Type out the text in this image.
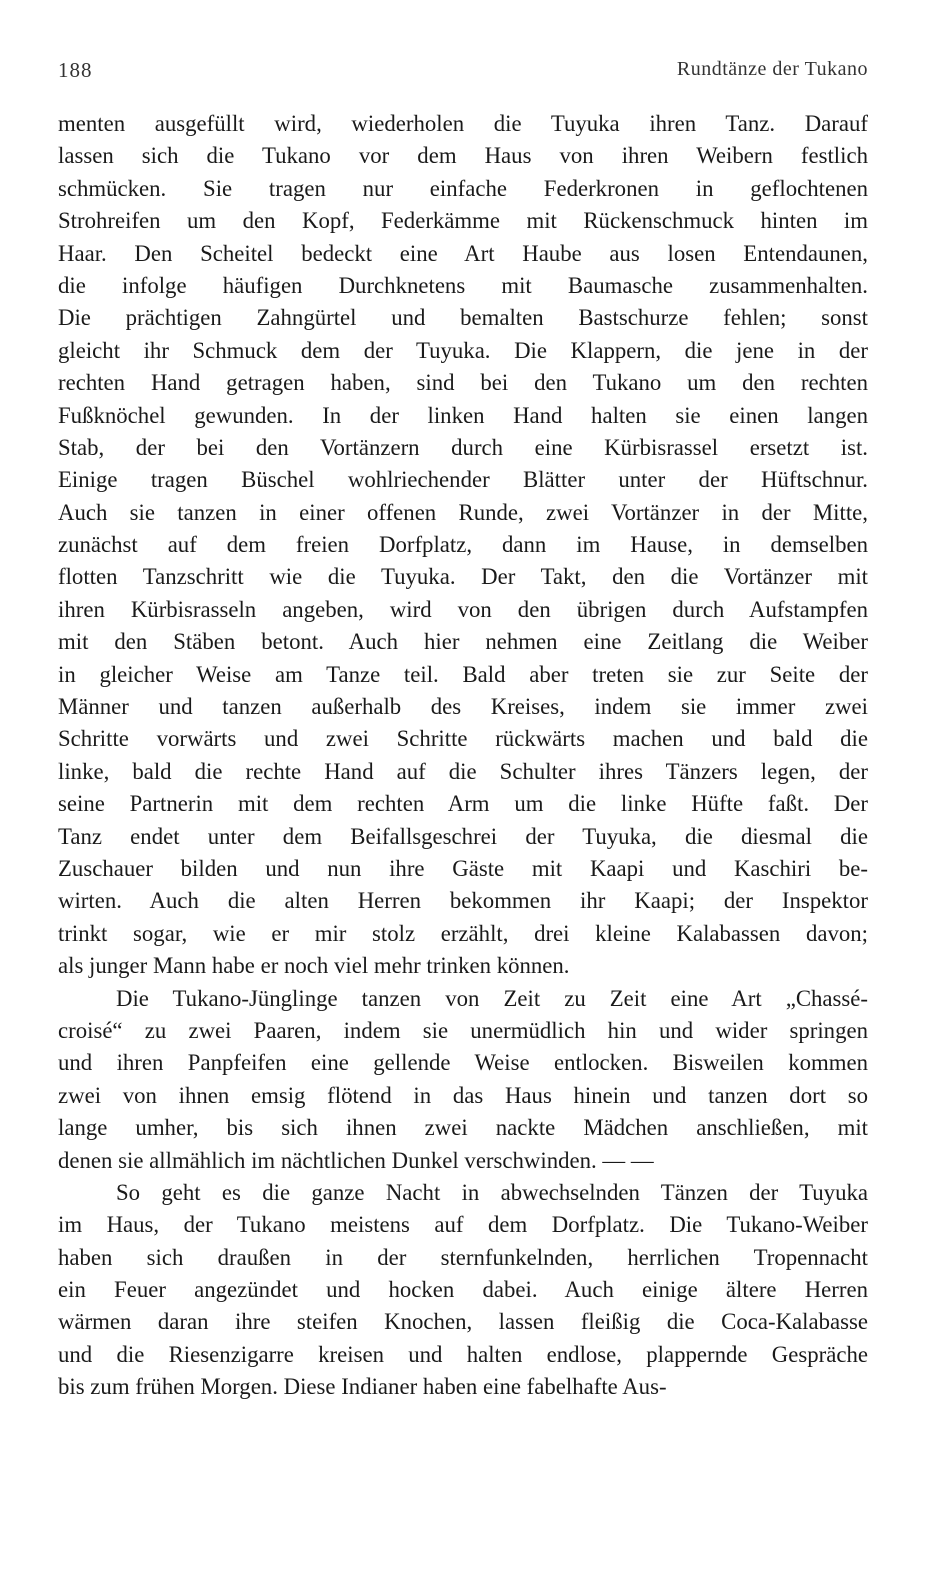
188	Rundtänze der Tukano
menten ausgefüllt wird, wiederholen die Tuyuka ihren Tanz. Darauf
lassen sich die Tukano vor dem Haus von ihren Weibern festlich
schmücken. Sie tragen nur einfache Federkronen in geflochtenen
Strohreifen um den Kopf, Federkämme mit Rückenschmuck hinten im
Haar. Den Scheitel bedeckt eine Art Haube aus losen Entendaunen,
die infolge häufigen Durchknetens mit Baumasche zusammenhalten.
Die prächtigen Zahngürtel und bemalten Bastschurze fehlen; sonst
gleicht ihr Schmuck dem der Tuyuka. Die Klappern, die jene in der
rechten Hand getragen haben, sind bei den Tukano um den rechten
Fußknöchel gewunden. In der linken Hand halten sie einen langen
Stab, der bei den Vortänzern durch eine Kürbisrassel ersetzt ist.
Einige tragen Büschel wohlriechender Blätter unter der Hüftschnur.
Auch sie tanzen in einer offenen Runde, zwei Vortänzer in der Mitte,
zunächst auf dem freien Dorfplatz, dann im Hause, in demselben
flotten Tanzschritt wie die Tuyuka. Der Takt, den die Vortänzer mit
ihren Kürbisrasseln angeben, wird von den übrigen durch Aufstampfen
mit den Stäben betont. Auch hier nehmen eine Zeitlang die Weiber
in gleicher Weise am Tanze teil. Bald aber treten sie zur Seite der
Männer und tanzen außerhalb des Kreises, indem sie immer zwei
Schritte vorwärts und zwei Schritte rückwärts machen und bald die
linke, bald die rechte Hand auf die Schulter ihres Tänzers legen, der
seine Partnerin mit dem rechten Arm um die linke Hüfte faßt. Der
Tanz endet unter dem Beifallsgeschrei der Tuyuka, die diesmal die
Zuschauer bilden und nun ihre Gäste mit Kaapi und Kaschiri be-
wirten. Auch die alten Herren bekommen ihr Kaapi; der Inspektor
trinkt sogar, wie er mir stolz erzählt, drei kleine Kalabassen davon;
als junger Mann habe er noch viel mehr trinken können.
Die Tukano-Jünglinge tanzen von Zeit zu Zeit eine Art „Chassé-
croisé“ zu zwei Paaren, indem sie unermüdlich hin und wider springen
und ihren Panpfeifen eine gellende Weise entlocken. Bisweilen kommen
zwei von ihnen emsig flötend in das Haus hinein und tanzen dort so
lange umher, bis sich ihnen zwei nackte Mädchen anschließen, mit
denen sie allmählich im nächtlichen Dunkel verschwinden. — —
So geht es die ganze Nacht in abwechselnden Tänzen der Tuyuka
im Haus, der Tukano meistens auf dem Dorfplatz. Die Tukano-Weiber
haben sich draußen in der sternfunkelnden, herrlichen Tropennacht
ein Feuer angezündet und hocken dabei. Auch einige ältere Herren
wärmen daran ihre steifen Knochen, lassen fleißig die Coca-Kalabasse
und die Riesenzigarre kreisen und halten endlose, plappernde Gespräche
bis zum frühen Morgen. Diese Indianer haben eine fabelhafte Aus-
